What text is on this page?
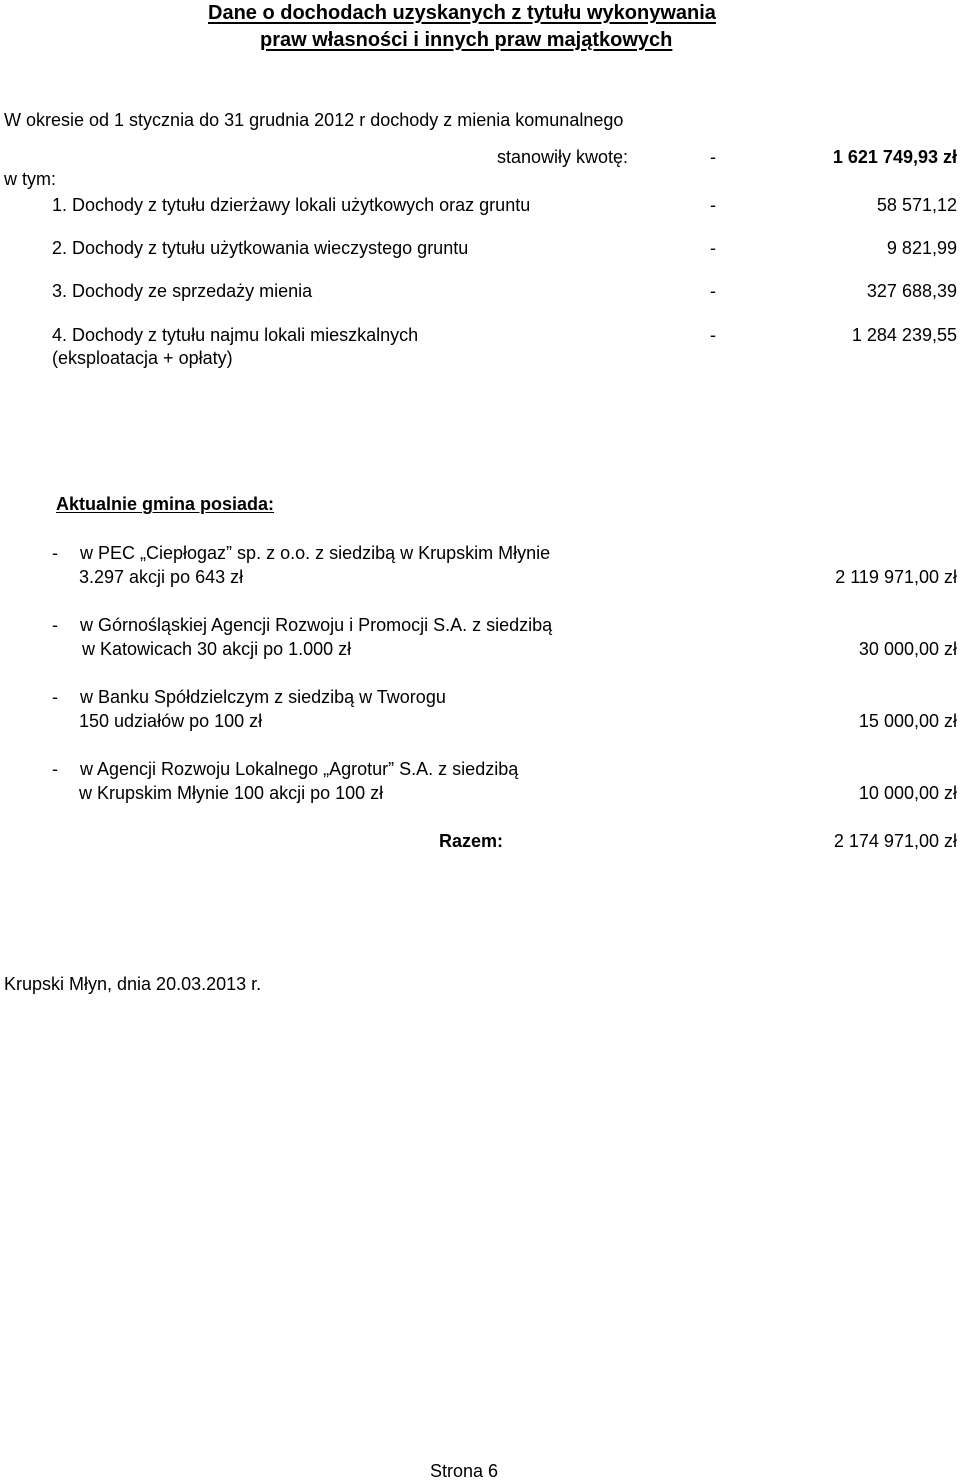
Dane o dochodach uzyskanych z tytułu wykonywania
praw własności i innych praw majątkowych
W okresie od 1 stycznia do 31 grudnia 2012 r dochody z mienia komunalnego
stanowiły kwotę:	-	1 621 749,93 zł
w tym:
1. Dochody z tytułu dzierżawy lokali użytkowych oraz gruntu	-	58 571,12
2. Dochody z tytułu użytkowania wieczystego gruntu	-	9 821,99
3. Dochody ze sprzedaży mienia	-	327 688,39
4. Dochody z tytułu najmu lokali mieszkalnych
(eksploatacja + opłaty)
-	1 284 239,55
Aktualnie gmina posiada:
- w PEC „Ciepłogaz” sp. z o.o. z siedzibą w Krupskim Młynie
3.297 akcji po 643 zł	2 119 971,00 zł
- w Górnośląskiej Agencji Rozwoju i Promocji S.A. z siedzibą
w Katowicach 30 akcji po 1.000 zł	30 000,00 zł
- w Banku Spółdzielczym z siedzibą w Tworogu
150 udziałów po 100 zł	15 000,00 zł
- w Agencji Rozwoju Lokalnego „Agrotur” S.A. z siedzibą
w Krupskim Młynie 100 akcji po 100 zł	10 000,00 zł
Razem:	2 174 971,00 zł
Krupski Młyn, dnia 20.03.2013 r.
Strona 6
